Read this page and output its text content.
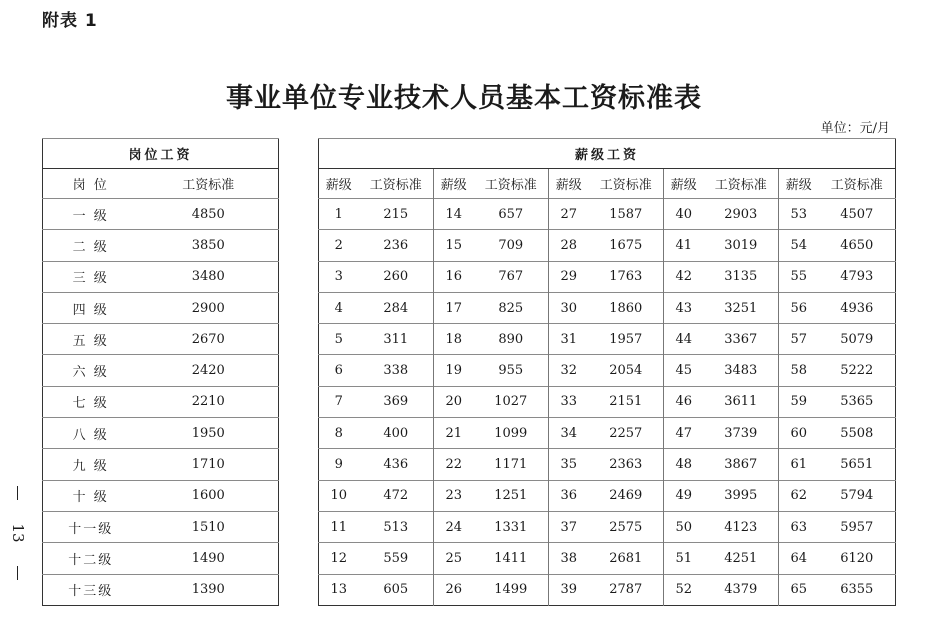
附表 1
事业单位专业技术人员基本工资标准表
单位：元/月
13
岗位工资	
岗 位	工资标准
一 级	4850
二 级	3850
三 级	3480
四 级	2900
五 级	2670
六 级	2420
七 级	2210
八 级	1950
九 级	1710
十 级	1600
十一级	1510
十二级	1490
十三级	1390
薪级工资									
薪级	工资标准	薪级	工资标准	薪级	工资标准	薪级	工资标准	薪级	工资标准
1	215	14	657	27	1587	40	2903	53	4507
2	236	15	709	28	1675	41	3019	54	4650
3	260	16	767	29	1763	42	3135	55	4793
4	284	17	825	30	1860	43	3251	56	4936
5	311	18	890	31	1957	44	3367	57	5079
6	338	19	955	32	2054	45	3483	58	5222
7	369	20	1027	33	2151	46	3611	59	5365
8	400	21	1099	34	2257	47	3739	60	5508
9	436	22	1171	35	2363	48	3867	61	5651
10	472	23	1251	36	2469	49	3995	62	5794
11	513	24	1331	37	2575	50	4123	63	5957
12	559	25	1411	38	2681	51	4251	64	6120
13	605	26	1499	39	2787	52	4379	65	6355
